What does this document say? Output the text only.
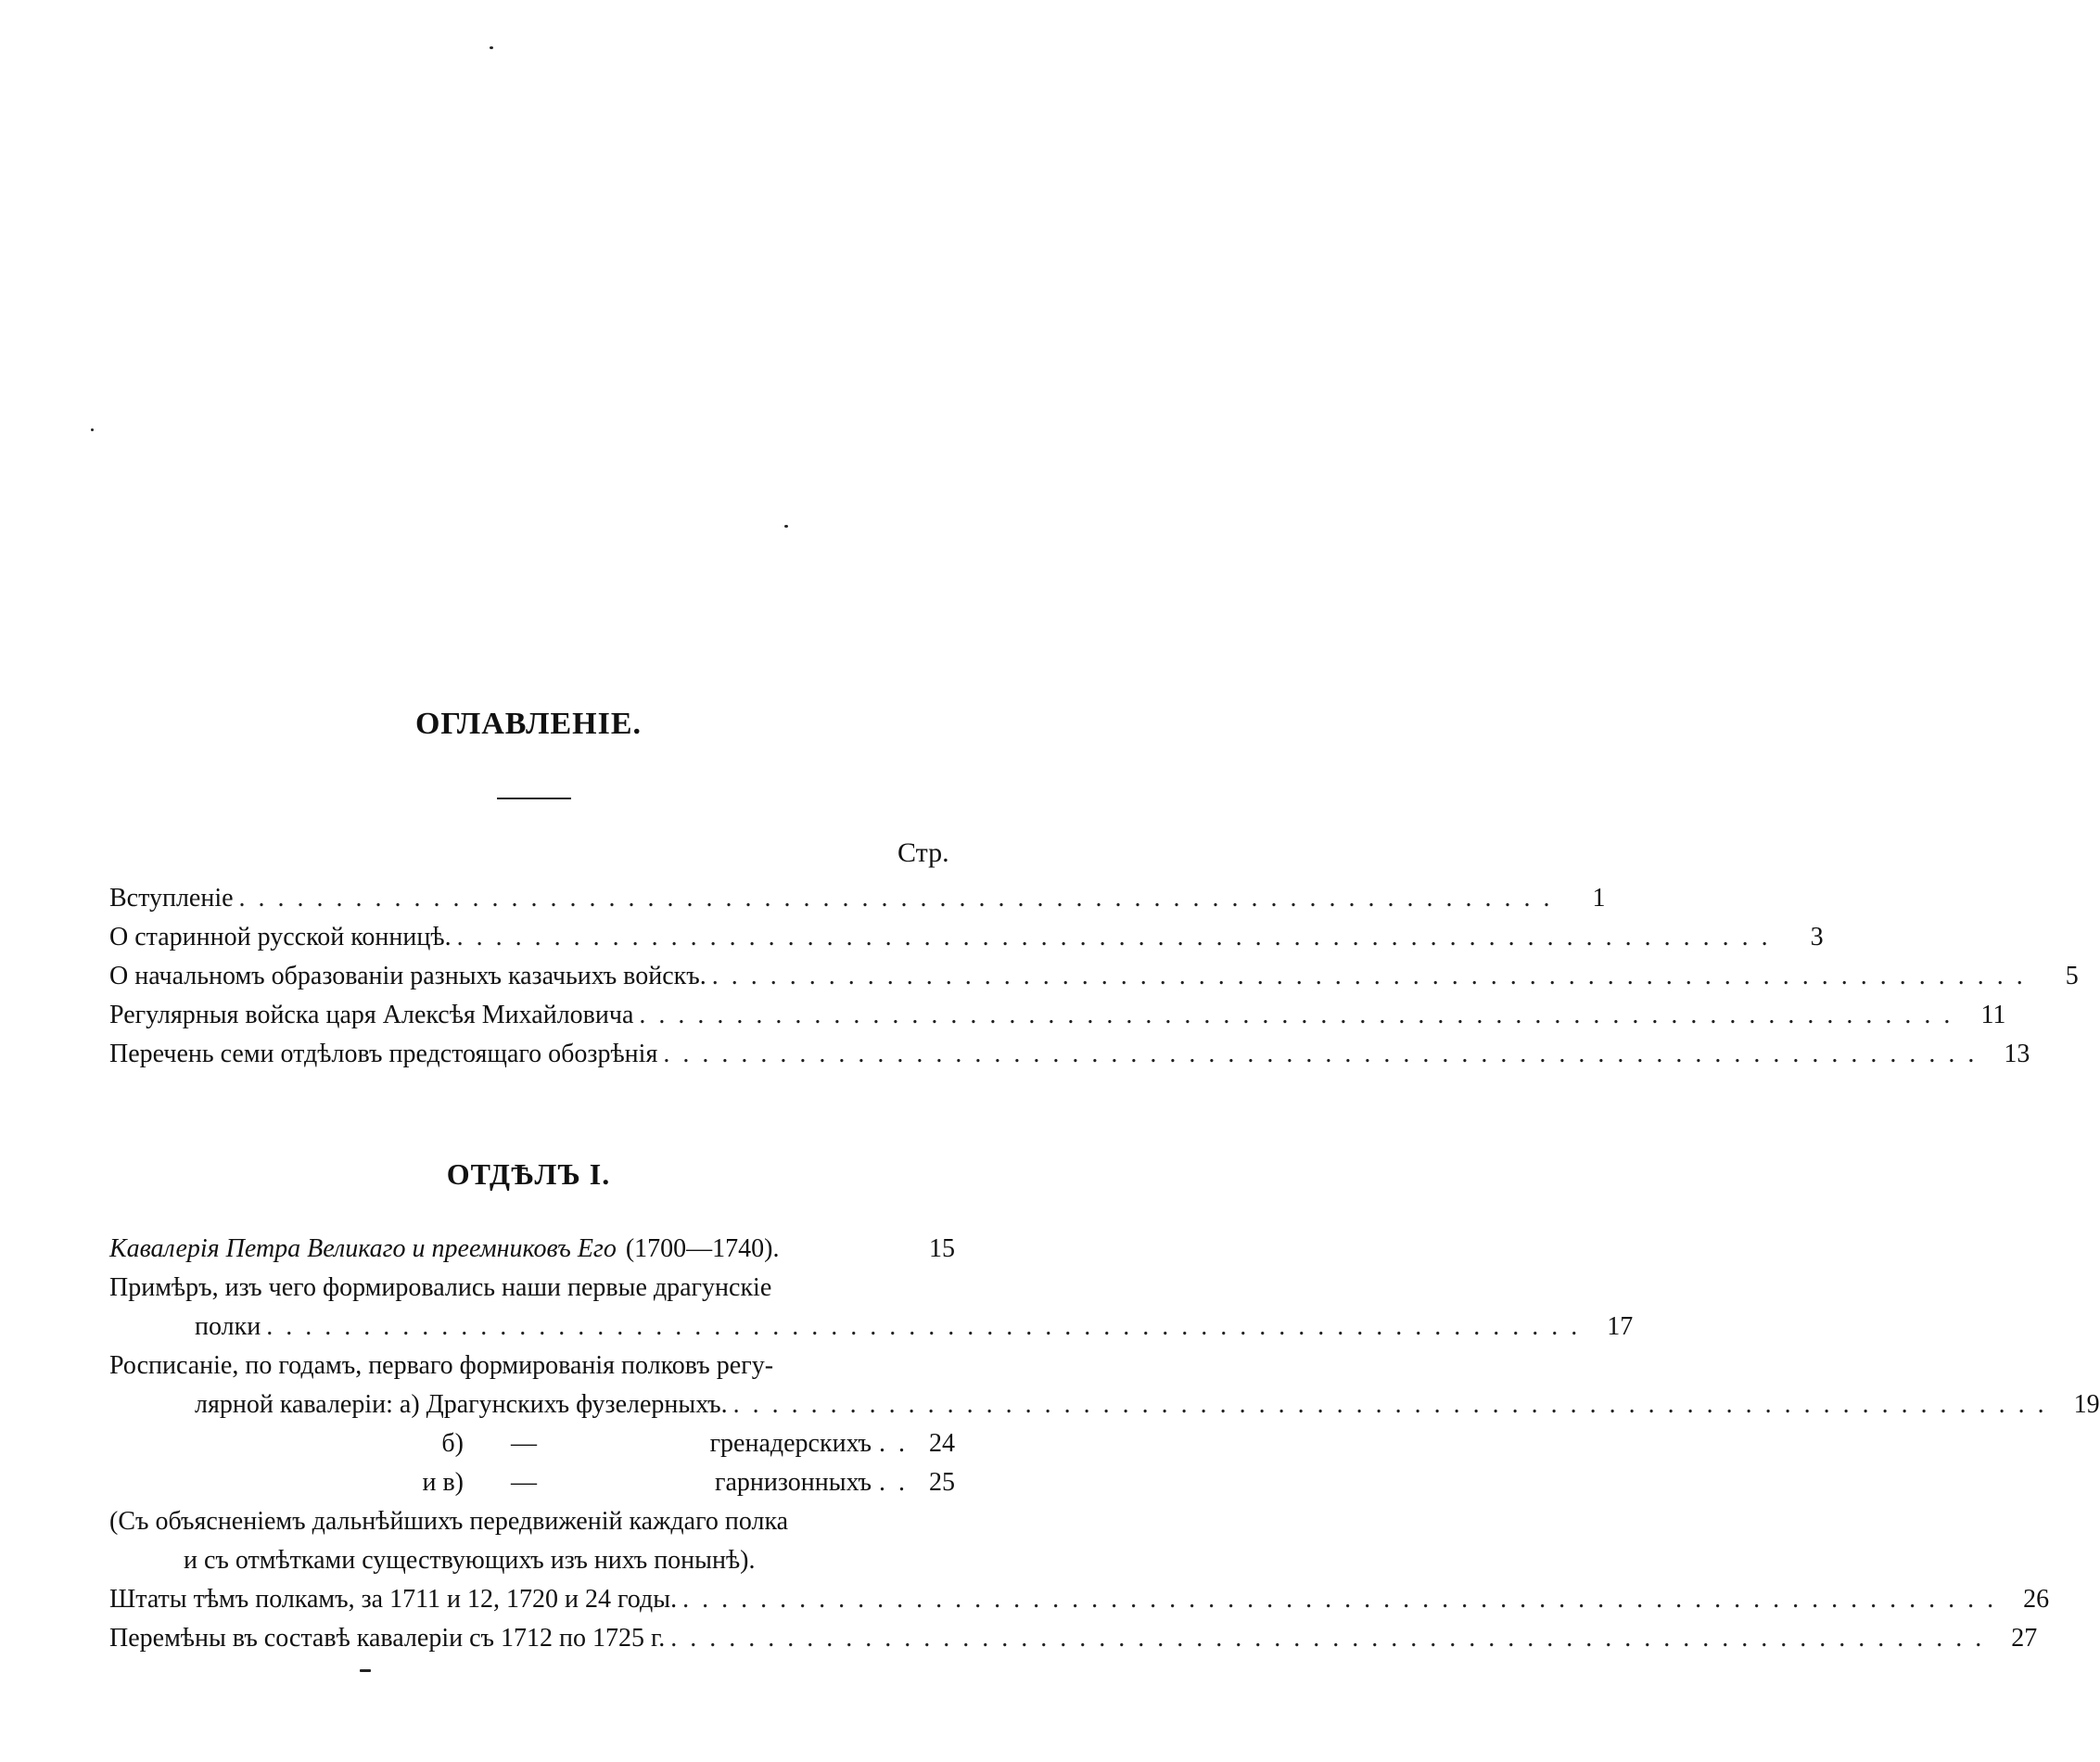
ОГЛАВЛЕНІЕ.
Стр.
Вступленіе ....................................................................	1
О старинной русской конницѣ. ....................................................................	3
О начальномъ образованіи разныхъ казачьихъ войскъ. ....................................................................	5
Регулярныя войска царя Алексѣя Михайловича .................................................................... 11
Перечень семи отдѣловъ предстоящаго обозрѣнія .................................................................... 13
ОТДѢЛЪ I.
Кавалерія Петра Великаго и преемниковъ Его (1700—1740).	15
Примѣръ, изъ чего формировались наши первые драгунскіе
полки .................................................................... 17
Росписаніе, по годамъ, перваго формированія полковъ регу-
лярной кавалеріи: а) Драгунскихъ фузелерныхъ. .................................................................... 19
б)	—	гренадерскихъ .. 24
и в)	—	гарнизонныхъ .. 25
(Съ объясненіемъ дальнѣйшихъ передвиженій каждаго полка
и съ отмѣтками существующихъ изъ нихъ понынѣ).
Штаты тѣмъ полкамъ, за 1711 и 12, 1720 и 24 годы. .................................................................... 26
Перемѣны въ составѣ кавалеріи съ 1712 по 1725 г. .................................................................... 27
